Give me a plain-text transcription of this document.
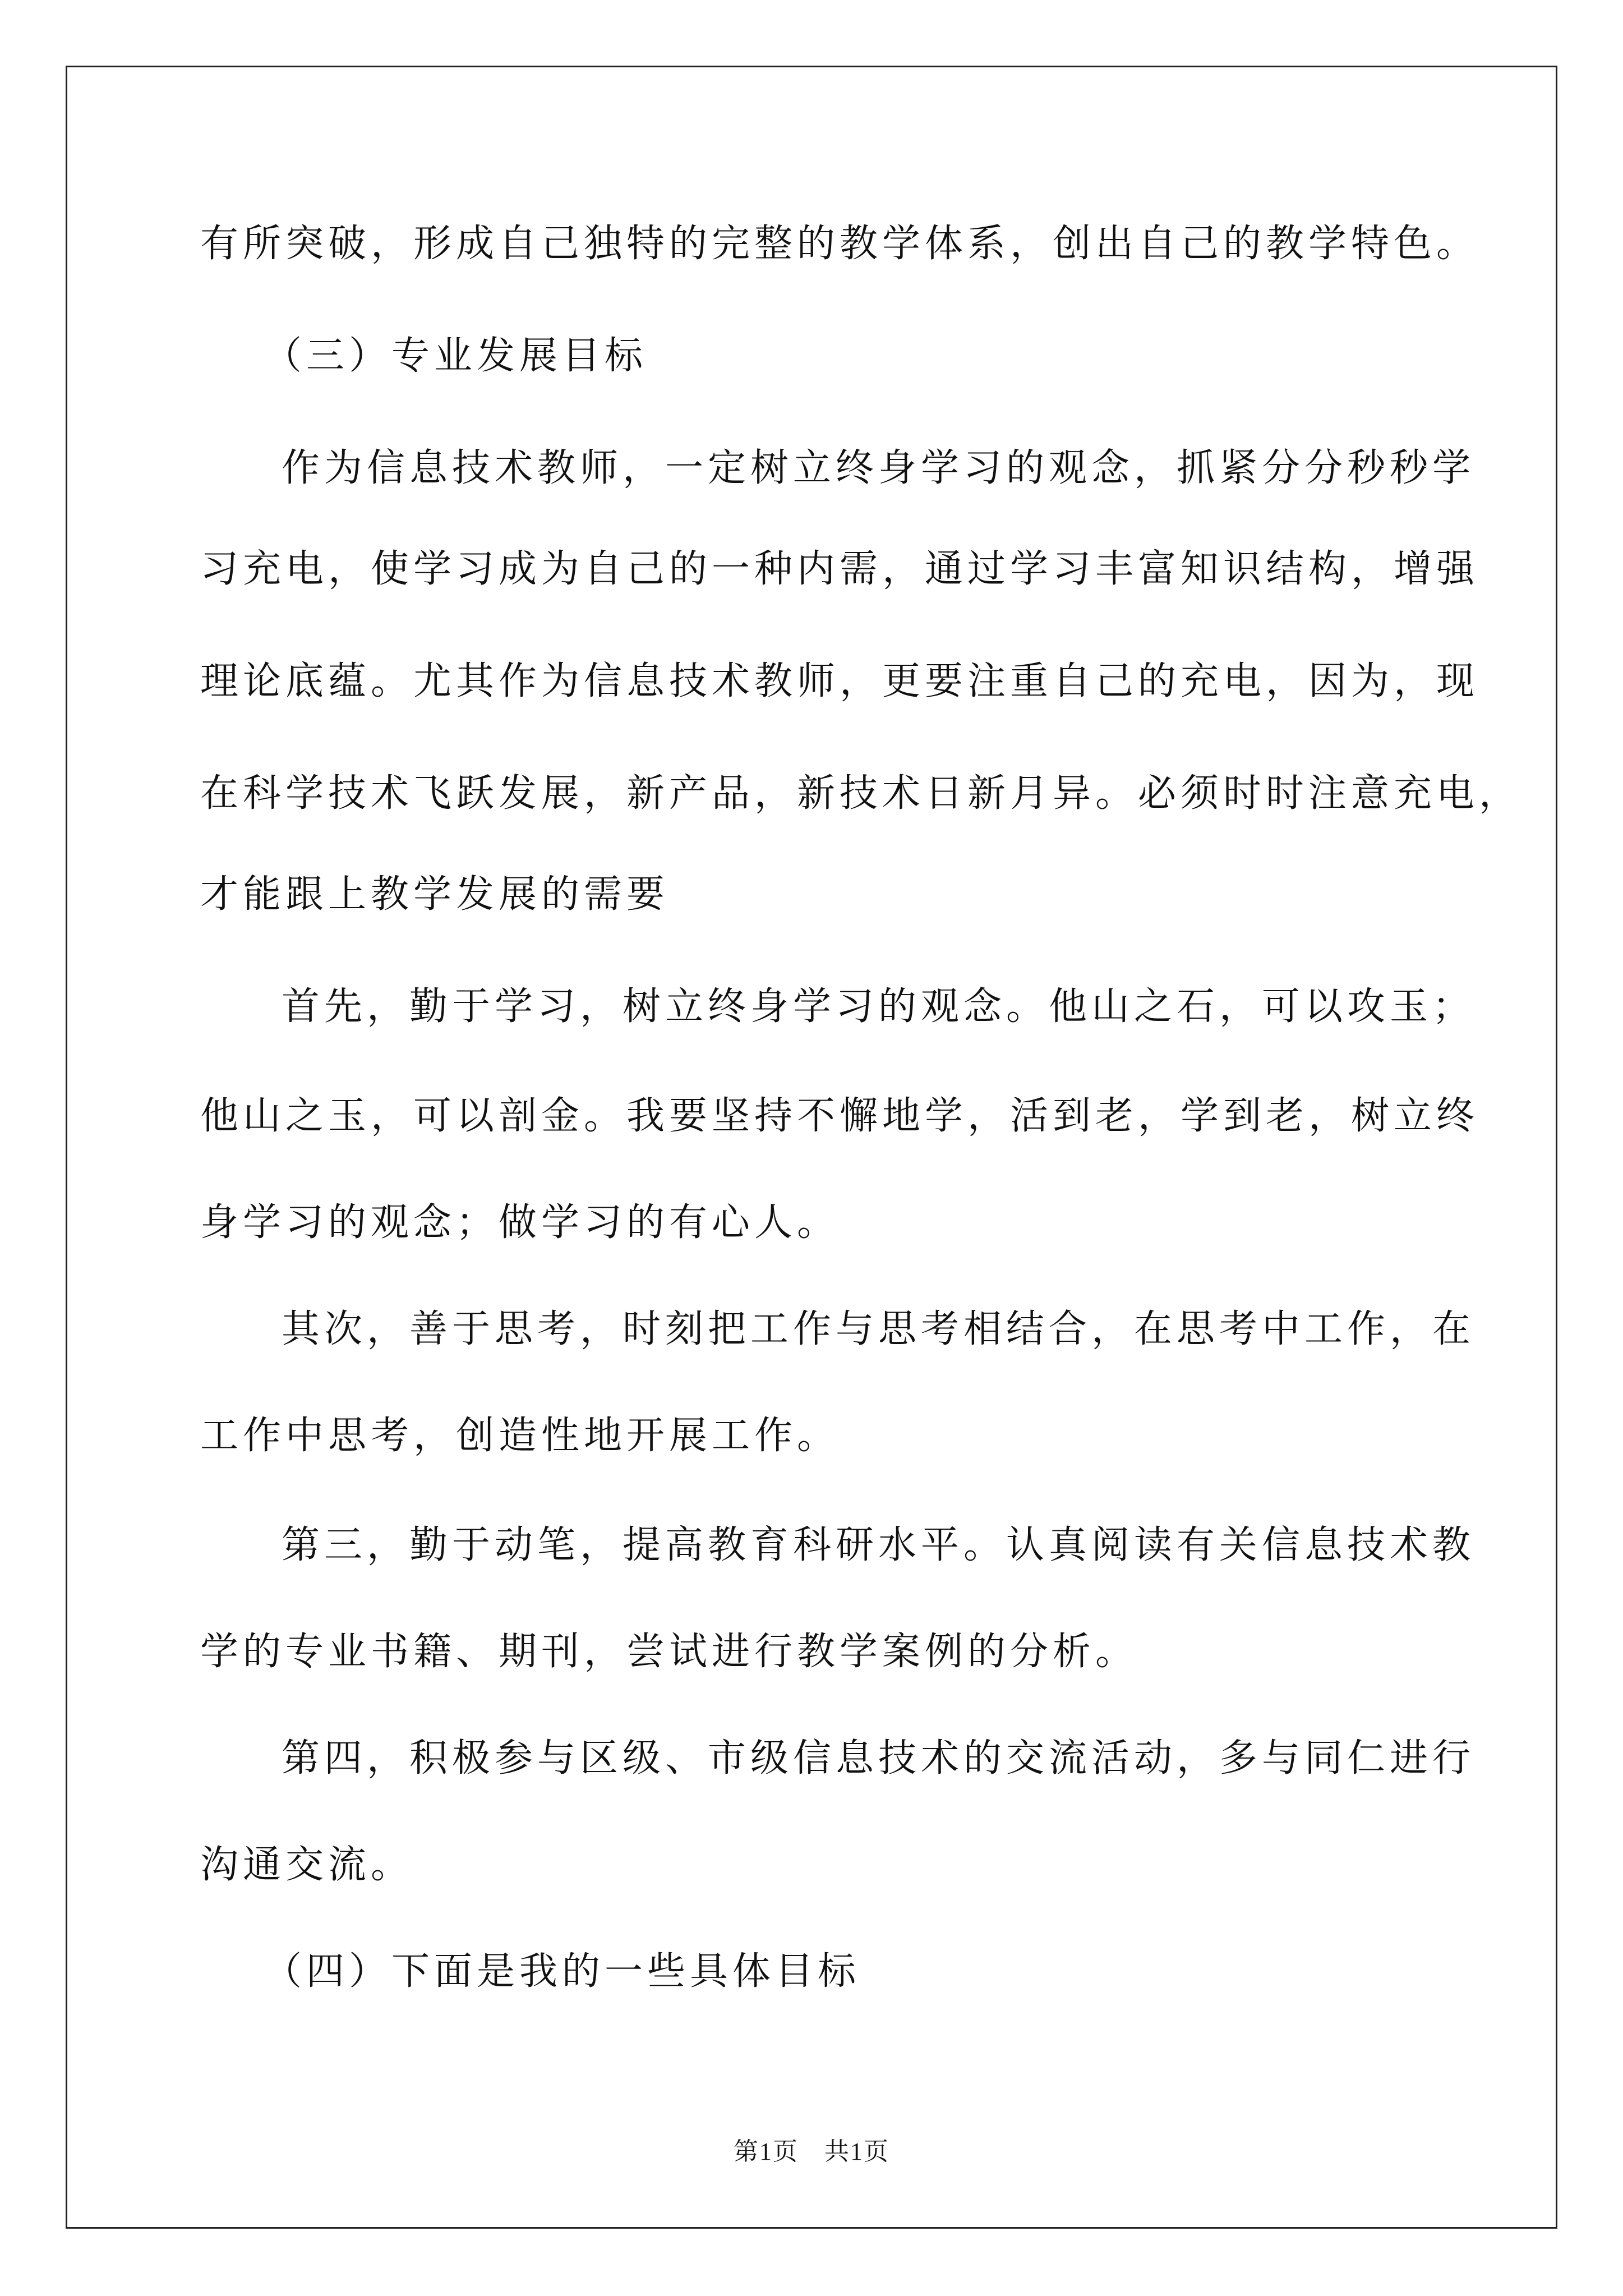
有所突破，形成自己独特的完整的教学体系，创出自己的教学特色。
（三）专业发展目标
作为信息技术教师，一定树立终身学习的观念，抓紧分分秒秒学
习充电，使学习成为自己的一种内需，通过学习丰富知识结构，增强
理论底蕴。尤其作为信息技术教师，更要注重自己的充电，因为，现
在科学技术飞跃发展，新产品，新技术日新月异。必须时时注意充电，
才能跟上教学发展的需要
首先，勤于学习，树立终身学习的观念。他山之石，可以攻玉；
他山之玉，可以剖金。我要坚持不懈地学，活到老，学到老，树立终
身学习的观念；做学习的有心人。
其次，善于思考，时刻把工作与思考相结合，在思考中工作，在
工作中思考，创造性地开展工作。
第三，勤于动笔，提高教育科研水平。认真阅读有关信息技术教
学的专业书籍、期刊，尝试进行教学案例的分析。
第四，积极参与区级、市级信息技术的交流活动，多与同仁进行
沟通交流。
（四）下面是我的一些具体目标
第1页　共1页
